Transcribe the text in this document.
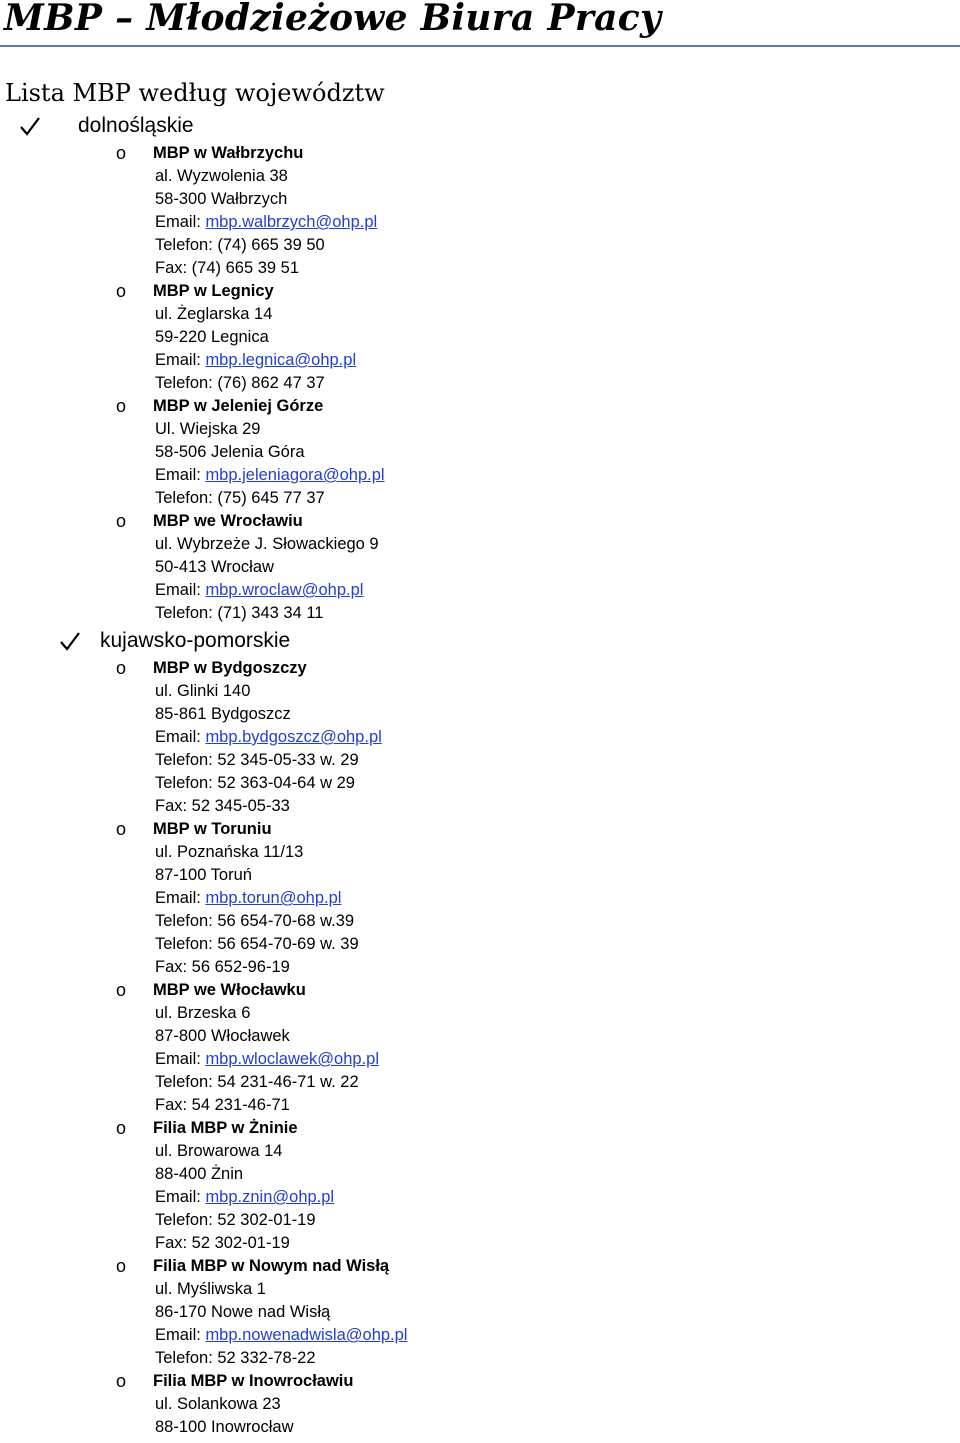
MBP – Młodzieżowe Biura Pracy
Lista MBP według województw
dolnośląskie
o	MBP w Wałbrzychu
al. Wyzwolenia 38
58-300 Wałbrzych
Email: mbp.walbrzych@ohp.pl
Telefon: (74) 665 39 50
Fax: (74) 665 39 51
o	MBP w Legnicy
ul. Żeglarska 14
59-220 Legnica
Email: mbp.legnica@ohp.pl
Telefon: (76) 862 47 37
o	MBP w Jeleniej Górze
Ul. Wiejska 29
58-506 Jelenia Góra
Email: mbp.jeleniagora@ohp.pl
Telefon: (75) 645 77 37
o	MBP we Wrocławiu
ul. Wybrzeże J. Słowackiego 9
50-413 Wrocław
Email: mbp.wroclaw@ohp.pl
Telefon: (71) 343 34 11
kujawsko-pomorskie
o	MBP w Bydgoszczy
ul. Glinki 140
85-861 Bydgoszcz
Email: mbp.bydgoszcz@ohp.pl
Telefon: 52 345-05-33 w. 29
Telefon: 52 363-04-64 w 29
Fax: 52 345-05-33
o	MBP w Toruniu
ul. Poznańska 11/13
87-100 Toruń
Email: mbp.torun@ohp.pl
Telefon: 56 654-70-68 w.39
Telefon: 56 654-70-69 w. 39
Fax: 56 652-96-19
o	MBP we Włocławku
ul. Brzeska 6
87-800 Włocławek
Email: mbp.wloclawek@ohp.pl
Telefon: 54 231-46-71 w. 22
Fax: 54 231-46-71
o	Filia MBP w Żninie
ul. Browarowa 14
88-400 Żnin
Email: mbp.znin@ohp.pl
Telefon: 52 302-01-19
Fax: 52 302-01-19
o	Filia MBP w Nowym nad Wisłą
ul. Myśliwska 1
86-170 Nowe nad Wisłą
Email: mbp.nowenadwisla@ohp.pl
Telefon: 52 332-78-22
o	Filia MBP w Inowrocławiu
ul. Solankowa 23
88-100 Inowrocław
